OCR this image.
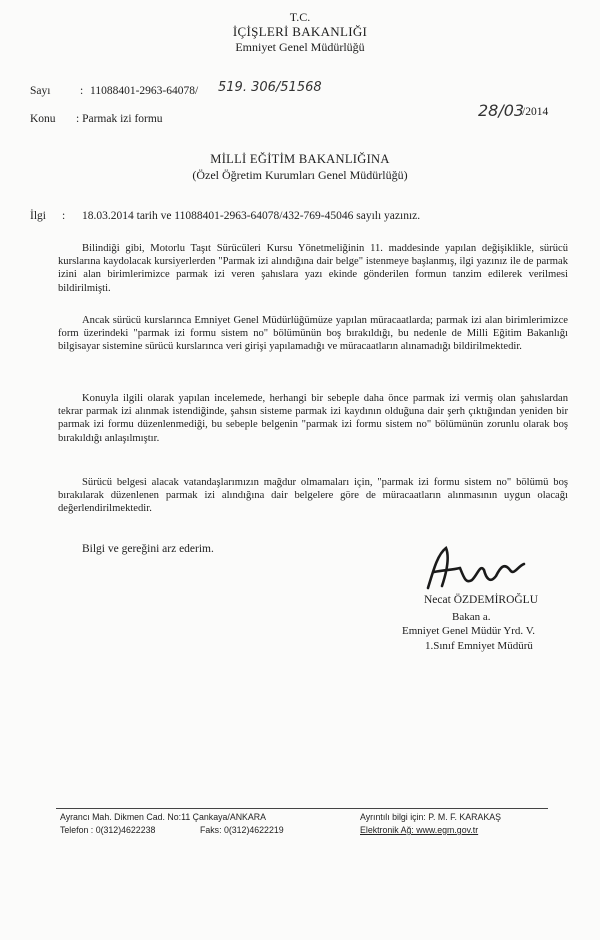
T.C.
İÇİŞLERİ BAKANLIĞI
Emniyet Genel Müdürlüğü
Sayı	: 11088401-2963-64078/ 519. 306/51568
Konu : Parmak izi formu	28/03
/2014
MİLLİ EĞİTİM BAKANLIĞINA
(Özel Öğretim Kurumları Genel Müdürlüğü)
İlgi : 18.03.2014 tarih ve 11088401-2963-64078/432-769-45046 sayılı yazınız.
Bilindiği gibi, Motorlu Taşıt Sürücüleri Kursu Yönetmeliğinin 11. maddesinde yapılan değişiklikle, sürücü kurslarına kaydolacak kursiyerlerden "Parmak izi alındığına dair belge" istenmeye başlanmış, ilgi yazınız ile de parmak izini alan birimlerimizce parmak izi veren şahıslara yazı ekinde gönderilen formun tanzim edilerek verilmesi bildirilmişti.
Ancak sürücü kurslarınca Emniyet Genel Müdürlüğümüze yapılan müracaatlarda; parmak izi alan birimlerimizce form üzerindeki "parmak izi formu sistem no" bölümünün boş bırakıldığı, bu nedenle de Milli Eğitim Bakanlığı bilgisayar sistemine sürücü kurslarınca veri girişi yapılamadığı ve müracaatların alınamadığı bildirilmektedir.
Konuyla ilgili olarak yapılan incelemede, herhangi bir sebeple daha önce parmak izi vermiş olan şahıslardan tekrar parmak izi alınmak istendiğinde, şahsın sisteme parmak izi kaydının olduğuna dair şerh çıktığından yeniden bir parmak izi formu düzenlenmediği, bu sebeple belgenin "parmak izi formu sistem no" bölümünün zorunlu olarak boş bırakıldığı anlaşılmıştır.
Sürücü belgesi alacak vatandaşlarımızın mağdur olmamaları için, "parmak izi formu sistem no" bölümü boş bırakılarak düzenlenen parmak izi alındığına dair belgelere göre de müracaatların alınmasının uygun olacağı değerlendirilmektedir.
Bilgi ve gereğini arz ederim.
Necat ÖZDEMİROĞLU
Bakan a.
Emniyet Genel Müdür Yrd. V.
1.Sınıf Emniyet Müdürü
Ayrancı Mah. Dikmen Cad. No:11 Çankaya/ANKARA
Telefon : 0(312)4622238	Faks: 0(312)4622219
Ayrıntılı bilgi için: P. M. F. KARAKAŞ
Elektronik Ağ: www.egm.gov.tr
